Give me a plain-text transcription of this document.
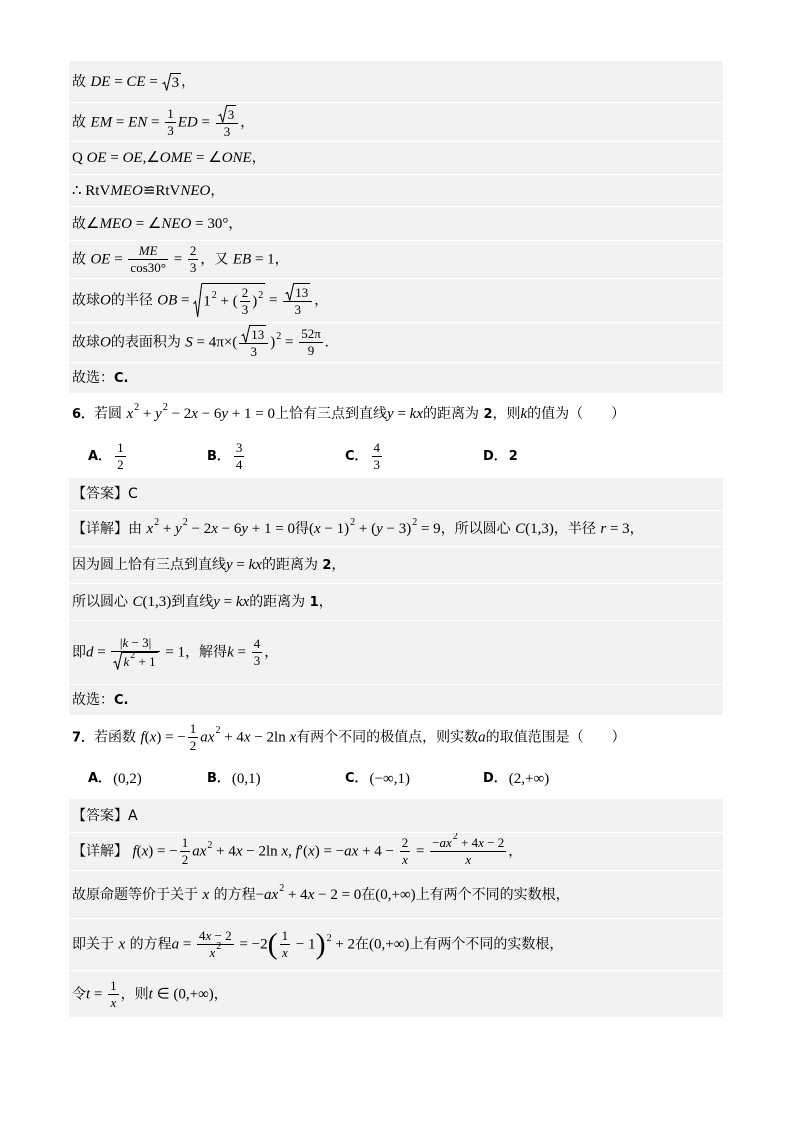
故 DE = CE = 3 ，
故 EM = EN = $\frac{1}{3}$ ED = $\frac{3}{3}$ ，
Q OE = OE,∠OME = ∠ONE，
∴ RtVMEO≌RtVNEO，
故∠MEO = ∠NEO = 30°，
故 OE = $\frac{ME}{\cos 30^\circ} = \frac{2}{3}$ ，又 EB = 1，
故球O的半径 OB = $1^2$ + ( $\frac{2}{3} )^2 = \frac{13}{3}$ ，
故球O的表面积为 $S = 4\pi\times( \frac{13}{3} )^2 = \frac{52\pi}{9}$ .
故选：C.
6．若圆 $x^2 + y^2 - 2x - 6y + 1 = 0$上恰有三点到直线y = kx的距离为 2，则k的值为（　　）
A． $\frac{1}{2}$	B． $\frac{3}{4}$	C． $\frac{4}{3}$	D． 2
【答案】C
【详解】由 $x^2 + y^2 - 2x - 6y + 1 = 0$得$(x - 1)^2 + (y - 3)^2 = 9$，所以圆心 C(1,3)，半径 r = 3，
因为圆上恰有三点到直线y = kx的距离为 2，
所以圆心 C(1,3)到直线y = kx的距离为 1，
即$d = \frac{|k - 3|}{k^2 + 1} = 1$，解得$k = \frac{4}{3}$ ，
故选：C.
7．若函数 f(x) = − $\frac{1}{2} ax^2 + 4x - 2\ln$ x有两个不同的极值点，则实数a的取值范围是（　　）
A． (0,2)	B． (0,1)	C． (−∞,1)	D． (2,+∞)
【答案】A
【详解】 f(x) = − $\frac{1}{2} ax^2 + 4x - 2\ln$ x, $f'(x) = -ax + 4 - \frac{2}{x} = \frac{-ax^2 + 4x - 2}{x}$ ，
故原命题等价于关于 x 的方程$-ax^2 + 4x - 2 = 0$在(0,+∞)上有两个不同的实数根，
即关于 x 的方程$a = \frac{4x - 2}{x^2} = -2( \frac{1}{x} - 1)^2 + 2$在(0,+∞)上有两个不同的实数根，
令$t = \frac{1}{x}$ ，则t ∈ (0,+∞)，
